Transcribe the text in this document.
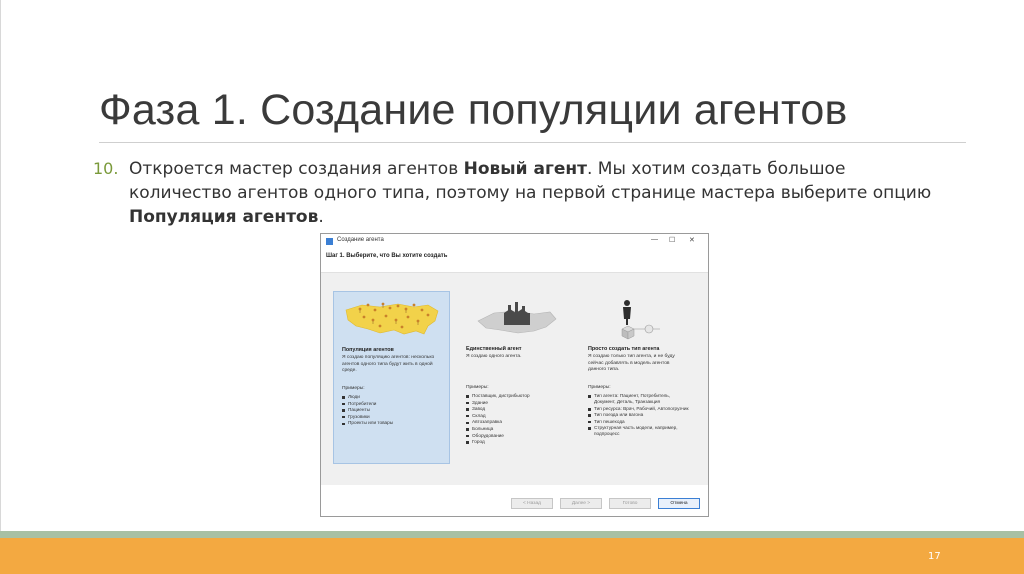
Фаза 1. Создание популяции агентов
10. Откроется мастер создания агентов Новый агент. Мы хотим создать большое количество агентов одного типа, поэтому на первой странице мастера выберите опцию Популяция агентов.
Создание агента	— ☐ ✕
Шаг 1. Выберите, что Вы хотите создать
Популяция агентов
Я создаю популяцию агентов: несколько агентов одного типа будут жить в одной среде.
Примеры:
Люди
Потребители
Пациенты
Грузовики
Проекты или товары
Единственный агент
Я создаю одного агента.
Примеры:
Поставщик, дистрибьютор
Здание
Завод
Склад
Автозаправка
Больница
Оборудование
Город
Просто создать тип агента
Я создаю только тип агента, и не буду сейчас добавлять в модель агентов данного типа.
Примеры:
Тип агента: Пациент, Потребитель, Документ, Деталь, Транзакция
Тип ресурса: Врач, Рабочий, Автопогрузчик
Тип поезда или вагона
Тип пешехода
Структурная часть модели, например, подпроцесс
< Назад	Далее >	Готово	Отмена
17
